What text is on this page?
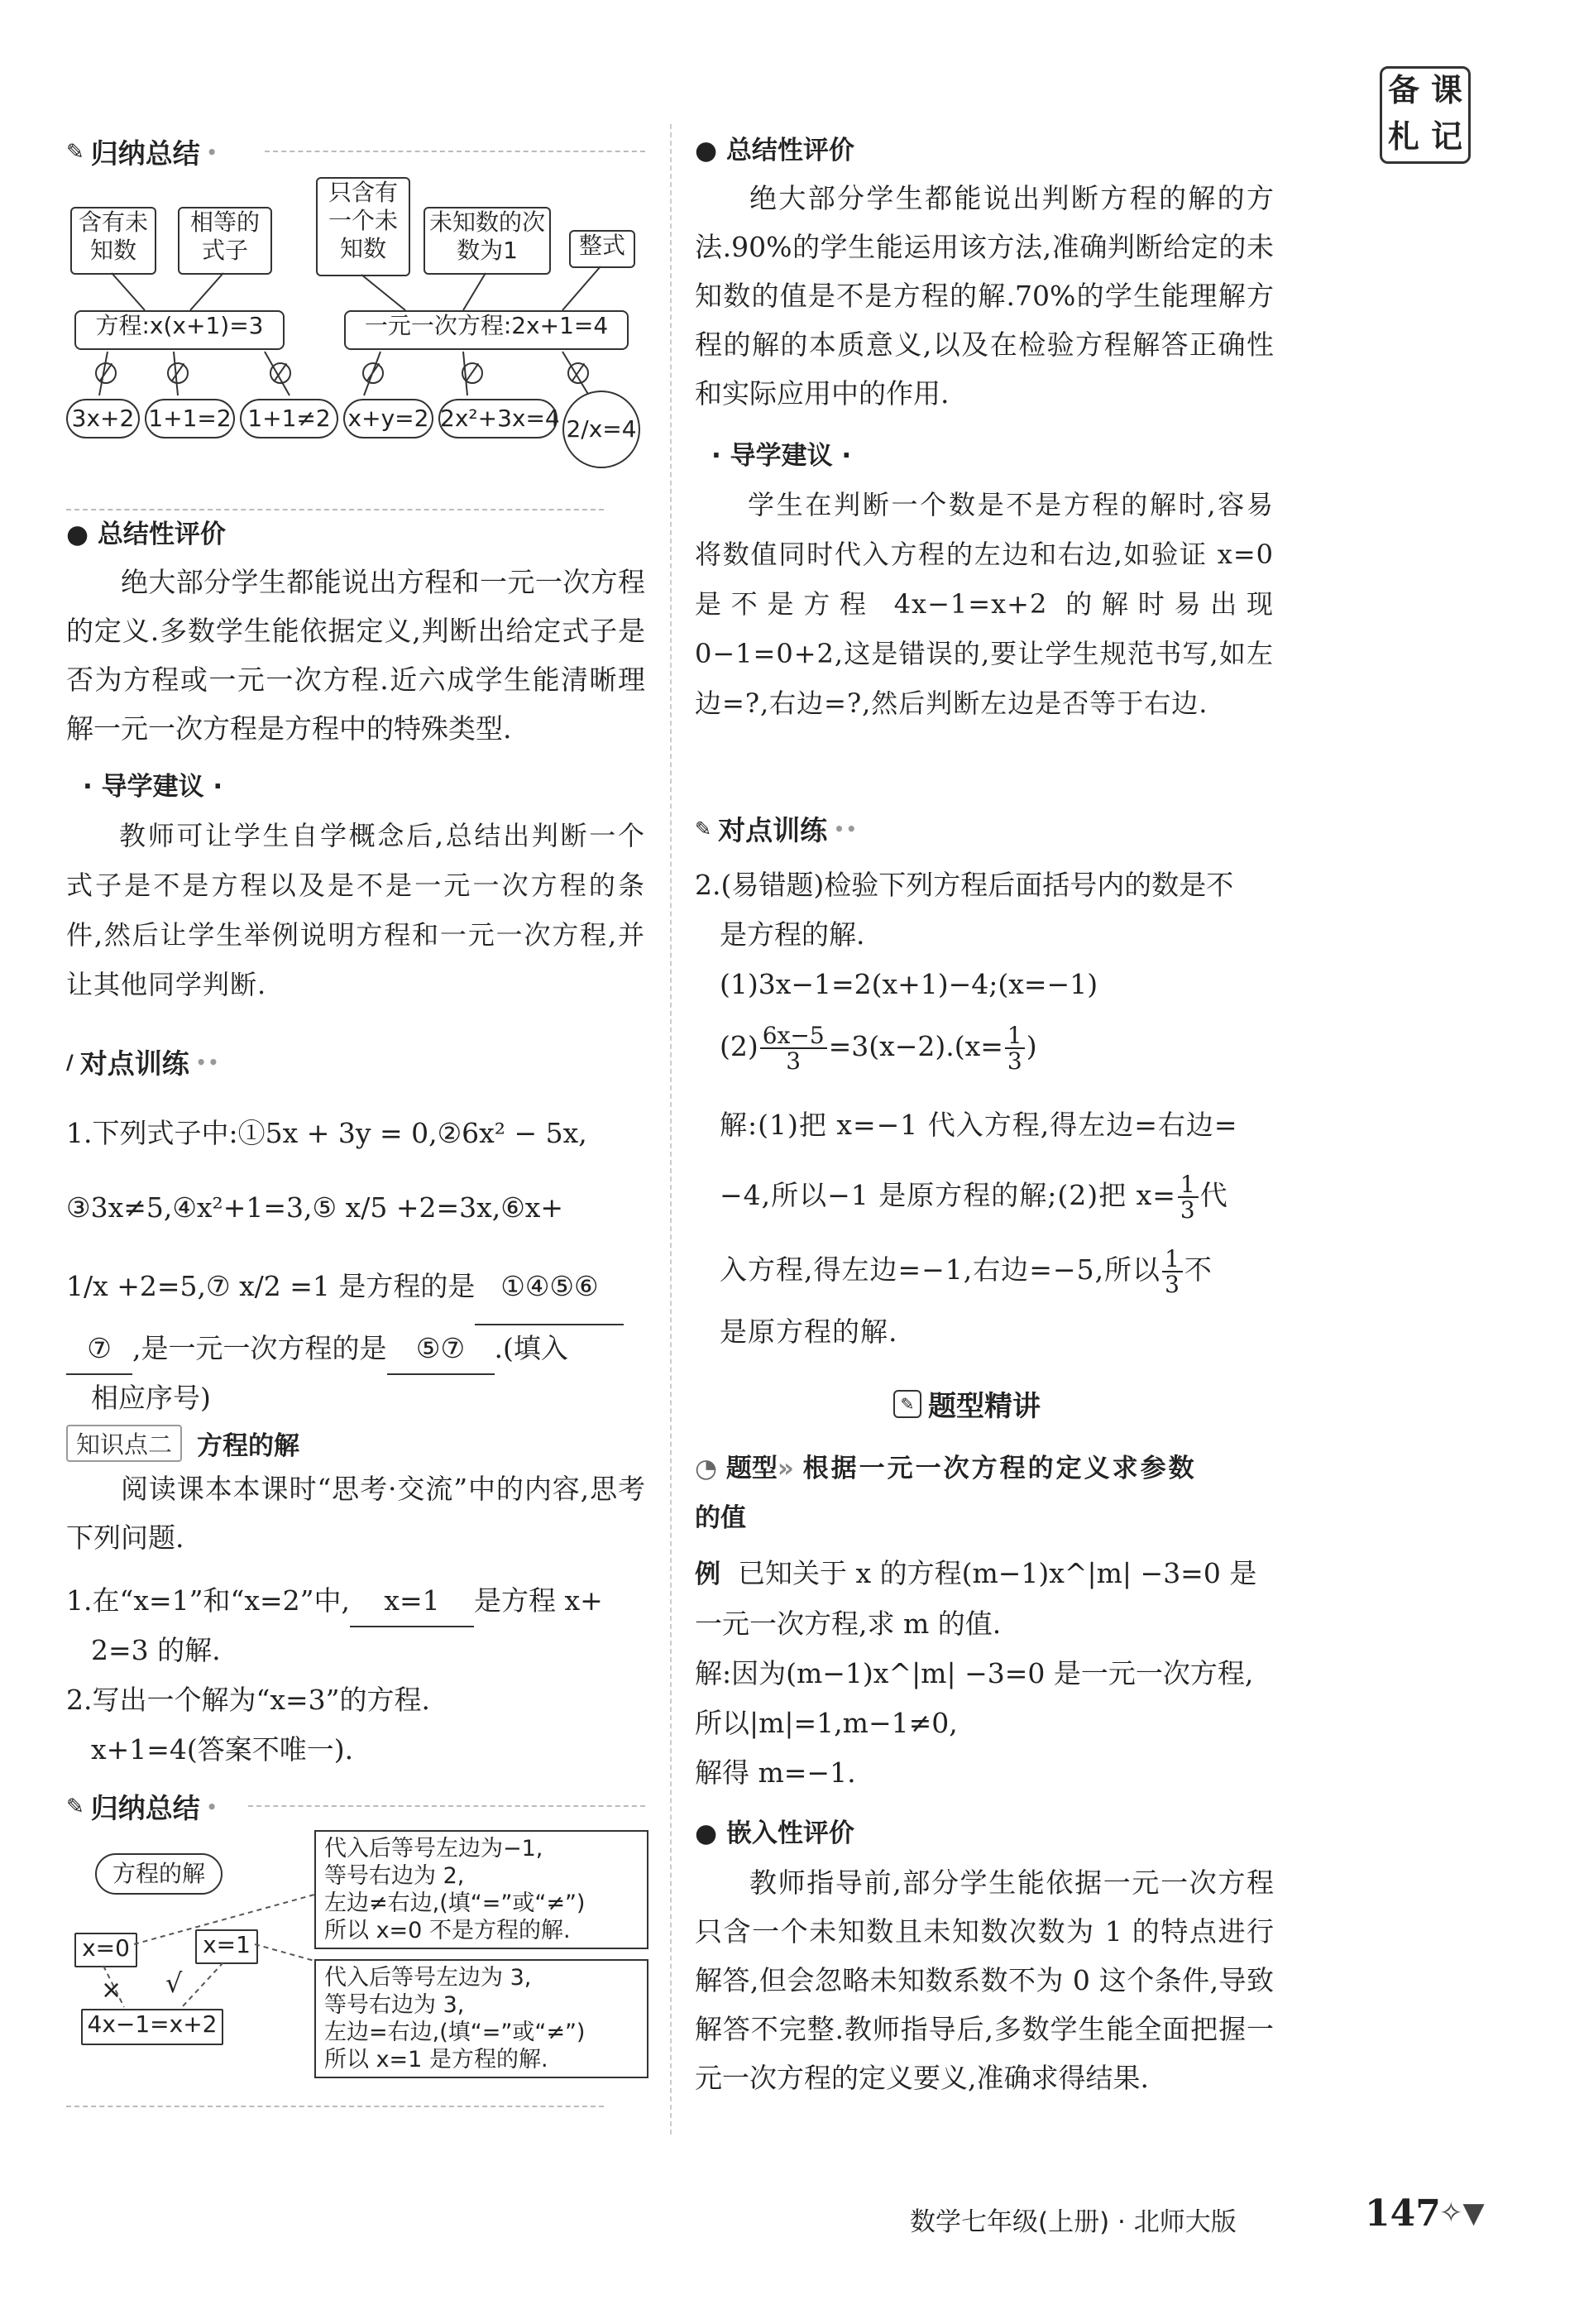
备 课
札 记
✎ 归纳总结 •
含有未知数
相等的式子
只含有一个未知数
未知数的次数为1	整式
方程:x(x+1)=3	一元一次方程:2x+1=4
3x+2 1+1=2 1+1≠2 x+y=2 2x²+3x=4 2/x=4
● 总结性评价
绝大部分学生都能说出方程和一元一次方程的定义.多数学生能依据定义,判断出给定式子是否为方程或一元一次方程.近六成学生能清晰理解一元一次方程是方程中的特殊类型.
· 导学建议 ·
教师可让学生自学概念后,总结出判断一个式子是不是方程以及是不是一元一次方程的条件,然后让学生举例说明方程和一元一次方程,并让其他同学判断.
/ 对点训练 ••
1.下列式子中:①5x + 3y = 0,②6x² − 5x,
③3x≠5,④x²+1=3,⑤ x/5 +2=3x,⑥x+
1/x +2=5,⑦ x/2 =1 是方程的是 ①④⑤⑥
⑦ ,是一元一次方程的是 ⑤⑦ .(填入
相应序号)
知识点二 方程的解
阅读课本本课时“思考·交流”中的内容,思考下列问题.
1.在“x=1”和“x=2”中, x=1 是方程 x+
2=3 的解.
2.写出一个解为“x=3”的方程.
x+1=4(答案不唯一).
✎ 归纳总结 •
方程的解
x=0	x=1
× √
4x−1=x+2
代入后等号左边为−1,
等号右边为 2,
左边≠右边,(填“=”或“≠”)
所以 x=0 不是方程的解.
代入后等号左边为 3,
等号右边为 3,
左边=右边,(填“=”或“≠”)
所以 x=1 是方程的解.
● 总结性评价
绝大部分学生都能说出判断方程的解的方法.90%的学生能运用该方法,准确判断给定的未知数的值是不是方程的解.70%的学生能理解方程的解的本质意义,以及在检验方程解答正确性和实际应用中的作用.
· 导学建议 ·
学生在判断一个数是不是方程的解时,容易将数值同时代入方程的左边和右边,如验证 x=0 是不是方程 4x−1=x+2 的解时易出现 0−1=0+2,这是错误的,要让学生规范书写,如左边=?,右边=?,然后判断左边是否等于右边.
✎ 对点训练 ••
2.(易错题)检验下列方程后面括号内的数是不
是方程的解.
(1)3x−1=2(x+1)−4;(x=−1)
$(2) \frac{6x-5}{3} =3(x-2).(x= \frac{1}{3}$ )
解:(1)把 x=−1 代入方程,得左边=右边=
−4,所以−1 是原方程的解;(2)把 $x= \frac{1}{3}$ 代
入方程,得左边=−1,右边=−5,所以 $\frac{1}{3}$ 不
是原方程的解.
✎ 题型精讲
◔ 题型» 根据一元一次方程的定义求参数
的值
例 已知关于 x 的方程(m−1)x^|m| −3=0 是
一元一次方程,求 m 的值.
解:因为(m−1)x^|m| −3=0 是一元一次方程,
所以|m|=1,m−1≠0,
解得 m=−1.
● 嵌入性评价
教师指导前,部分学生能依据一元一次方程只含一个未知数且未知数次数为 1 的特点进行解答,但会忽略未知数系数不为 0 这个条件,导致解答不完整.教师指导后,多数学生能全面把握一元一次方程的定义要义,准确求得结果.
数学七年级(上册) · 北师大版	147
✧▼
